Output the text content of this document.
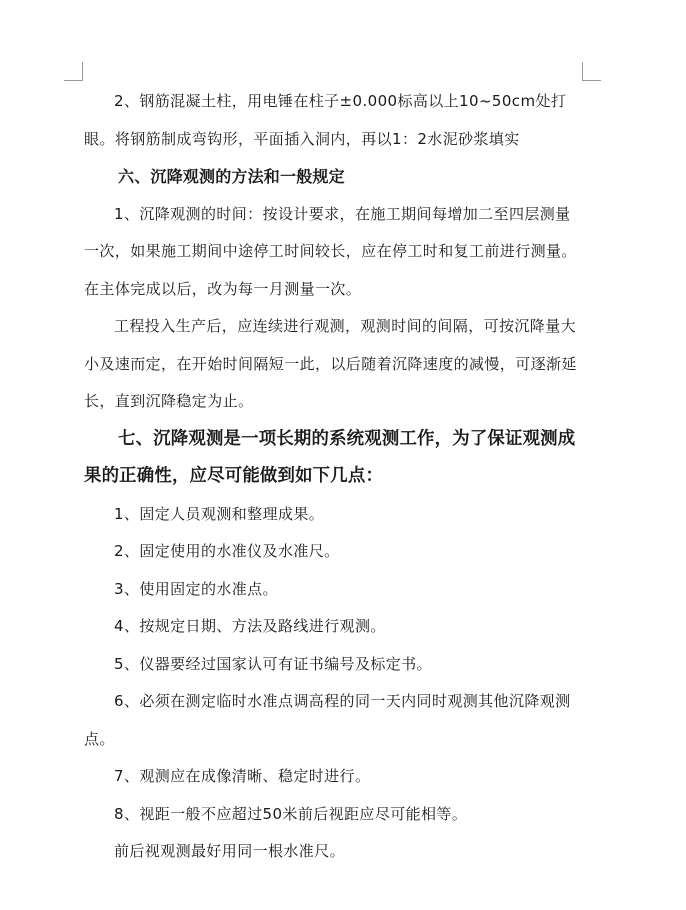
2、钢筋混凝土柱，用电锤在柱子±0.000标高以上10~50cm处打眼。将钢筋制成弯钩形，平面插入洞内，再以1：2水泥砂浆填实

六、沉降观测的方法和一般规定

1、沉降观测的时间：按设计要求，在施工期间每增加二至四层测量一次，如果施工期间中途停工时间较长，应在停工时和复工前进行测量。在主体完成以后，改为每一月测量一次。

工程投入生产后，应连续进行观测，观测时间的间隔，可按沉降量大小及速而定，在开始时间隔短一此，以后随着沉降速度的减慢，可逐渐延长，直到沉降稳定为止。

七、沉降观测是一项长期的系统观测工作，为了保证观测成果的正确性，应尽可能做到如下几点：

1、固定人员观测和整理成果。

2、固定使用的水准仪及水准尺。

3、使用固定的水准点。

4、按规定日期、方法及路线进行观测。

5、仪器要经过国家认可有证书编号及标定书。

6、必须在测定临时水准点调高程的同一天内同时观测其他沉降观测点。

7、观测应在成像清晰、稳定时进行。

8、视距一般不应超过50米前后视距应尽可能相等。

前后视观测最好用同一根水准尺。
